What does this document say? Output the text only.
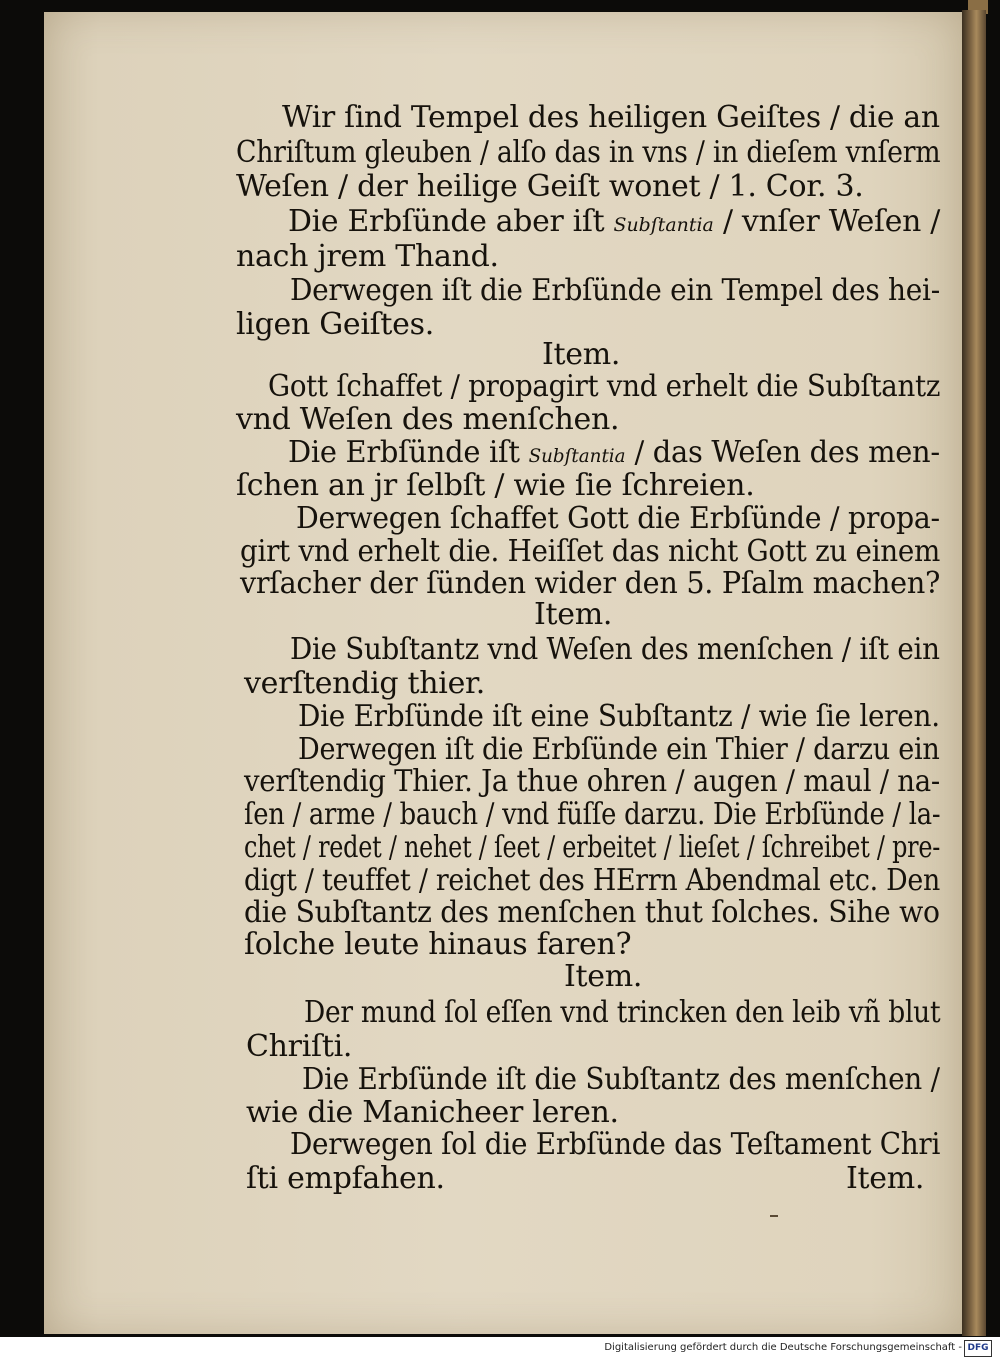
Wir ſind Tempel des heiligen Geiſtes / die an
Chriſtum gleuben / alſo das in vns / in dieſem vnſerm
Weſen / der heilige Geiſt wonet / 1. Cor. 3.
Die Erbſünde aber iſt Subſtantia / vnſer Weſen /
nach jrem Thand.
Derwegen iſt die Erbſünde ein Tempel des hei-
ligen Geiſtes.
Item.
Gott ſchaffet / propagirt vnd erhelt die Subſtantz
vnd Weſen des menſchen.
Die Erbſünde iſt Subſtantia / das Weſen des men-
ſchen an jr ſelbſt / wie ſie ſchreien.
Derwegen ſchaffet Gott die Erbſünde / propa-
girt vnd erhelt die. Heiſſet das nicht Gott zu einem
vrſacher der ſünden wider den 5. Pſalm machen?
Item.
Die Subſtantz vnd Weſen des menſchen / iſt ein
verſtendig thier.
Die Erbſünde iſt eine Subſtantz / wie ſie leren.
Derwegen iſt die Erbſünde ein Thier / darzu ein
verſtendig Thier. Ja thue ohren / augen / maul / na-
ſen / arme / bauch / vnd füſſe darzu. Die Erbſünde / la-
chet / redet / nehet / ſeet / erbeitet / lieſet / ſchreibet / pre-
digt / teuffet / reichet des HErrn Abendmal etc. Den
die Subſtantz des menſchen thut ſolches. Sihe wo
ſolche leute hinaus faren?
Item.
Der mund ſol eſſen vnd trincken den leib vñ blut
Chriſti.
Die Erbſünde iſt die Subſtantz des menſchen /
wie die Manicheer leren.
Derwegen ſol die Erbſünde das Teſtament Chri
ſti empfahen.	Item.
Digitalisierung gefördert durch die Deutsche Forschungsgemeinschaft - DFG
